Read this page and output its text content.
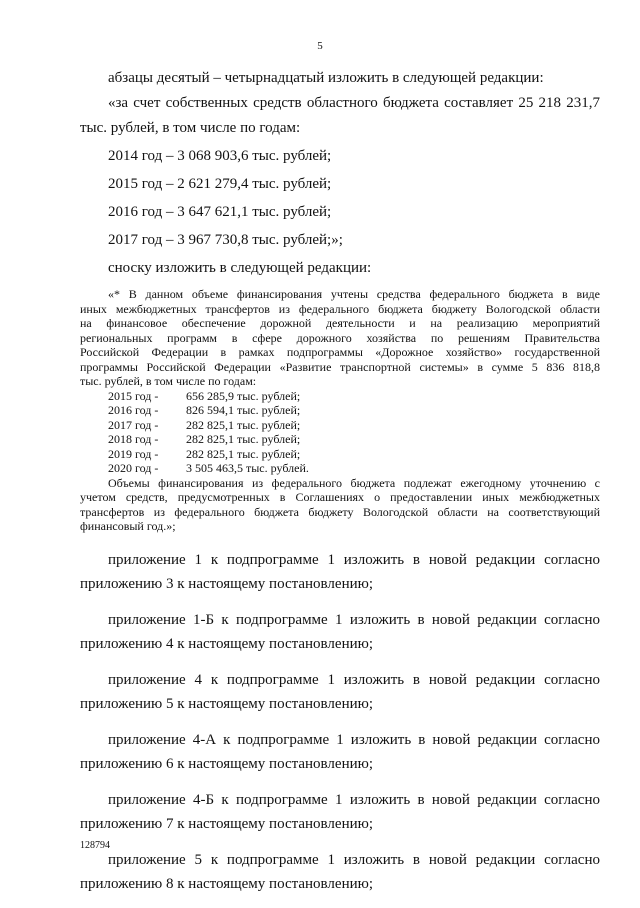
5

абзацы десятый – четырнадцатый изложить в следующей редакции:

«за счет собственных средств областного бюджета составляет 25 218 231,7

тыс. рублей, в том числе по годам:

2014 год – 3 068 903,6 тыс. рублей;

2015 год – 2 621 279,4 тыс. рублей;

2016 год – 3 647 621,1 тыс. рублей;

2017 год – 3 967 730,8 тыс. рублей;»;

сноску изложить в следующей редакции:

«* В данном объеме финансирования учтены средства федерального бюджета в виде

иных межбюджетных трансфертов из федерального бюджета бюджету Вологодской области

на финансовое обеспечение дорожной деятельности и на реализацию мероприятий

региональных программ в сфере дорожного хозяйства по решениям Правительства

Российской Федерации в рамках подпрограммы «Дорожное хозяйство» государственной

программы Российской Федерации «Развитие транспортной системы» в сумме 5 836 818,8

тыс. рублей, в том числе по годам:

2015 год -	656 285,9 тыс. рублей;
2016 год -	826 594,1 тыс. рублей;
2017 год -	282 825,1 тыс. рублей;
2018 год -	282 825,1 тыс. рублей;
2019 год -	282 825,1 тыс. рублей;
2020 год -	3 505 463,5 тыс. рублей.

Объемы финансирования из федерального бюджета подлежат ежегодному уточнению с

учетом средств, предусмотренных в Соглашениях о предоставлении иных межбюджетных

трансфертов из федерального бюджета бюджету Вологодской области на соответствующий

финансовый год.»;

приложение 1 к подпрограмме 1 изложить в новой редакции согласно

приложению 3 к настоящему постановлению;

приложение 1-Б к подпрограмме 1 изложить в новой редакции согласно

приложению 4 к настоящему постановлению;

приложение 4 к подпрограмме 1 изложить в новой редакции согласно

приложению 5 к настоящему постановлению;

приложение 4-А к подпрограмме 1 изложить в новой редакции согласно

приложению 6 к настоящему постановлению;

приложение 4-Б к подпрограмме 1 изложить в новой редакции согласно

приложению 7 к настоящему постановлению;

приложение 5 к подпрограмме 1 изложить в новой редакции согласно

приложению 8 к настоящему постановлению;

128794
